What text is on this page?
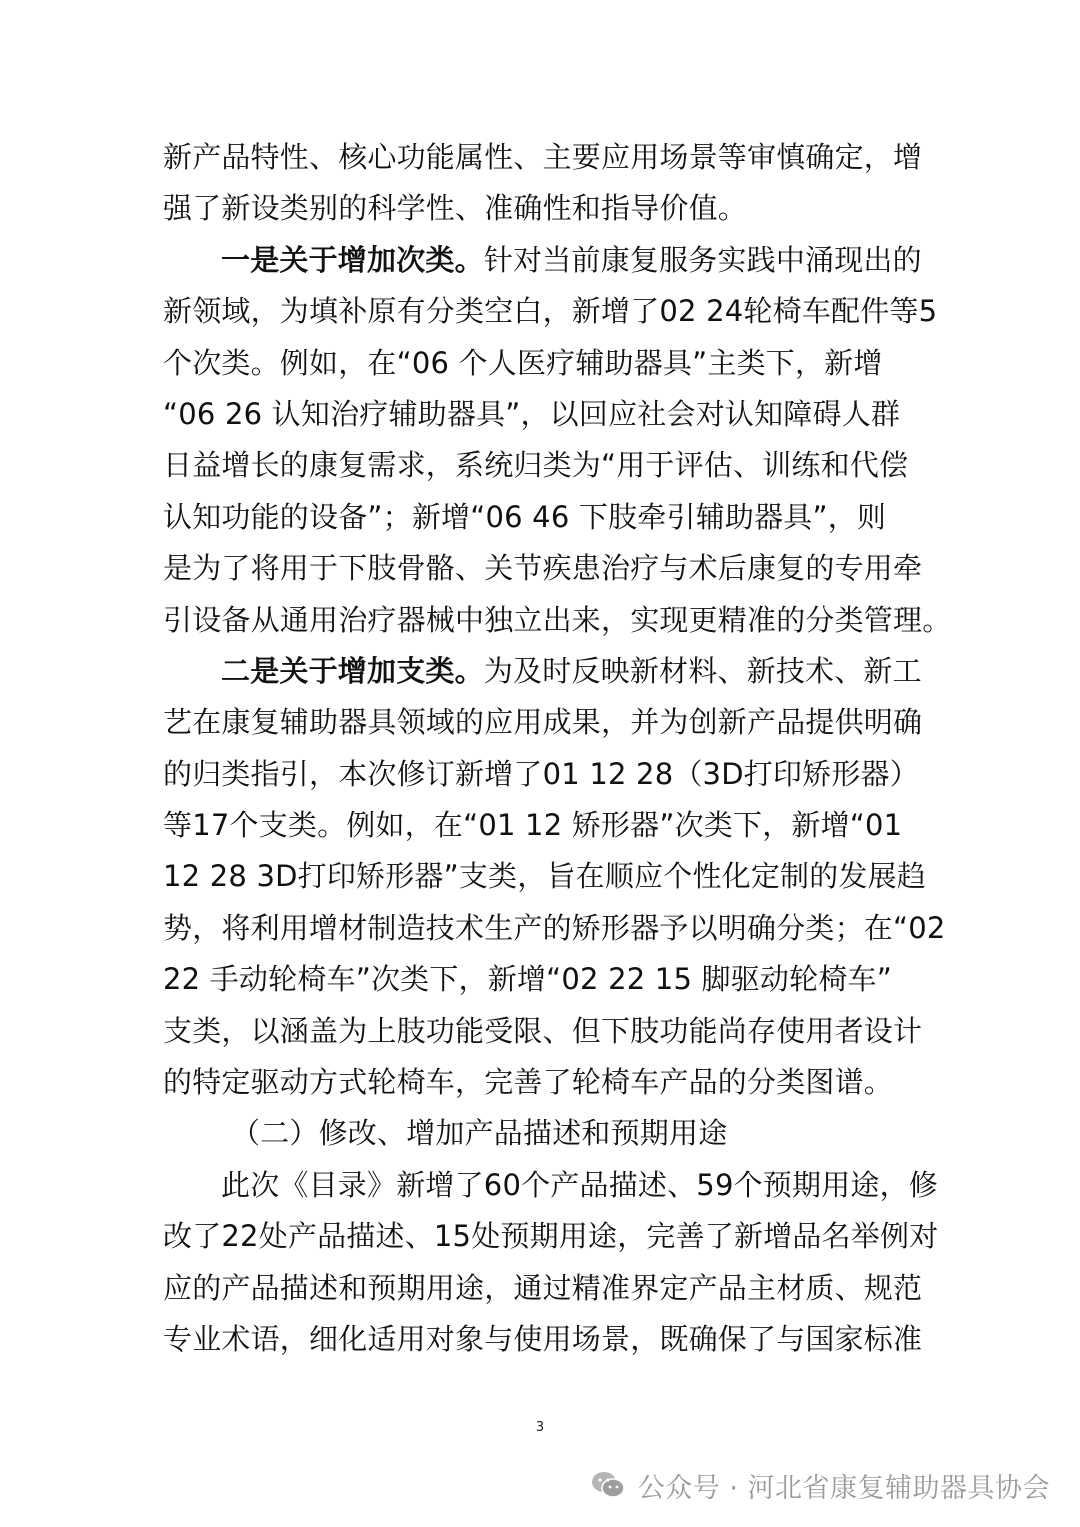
新产品特性、核心功能属性、主要应用场景等审慎确定，增
强了新设类别的科学性、准确性和指导价值。
一是关于增加次类。针对当前康复服务实践中涌现出的
新领域，为填补原有分类空白，新增了02 24轮椅车配件等5
个次类。例如，在“06 个人医疗辅助器具”主类下，新增
“06 26 认知治疗辅助器具”，以回应社会对认知障碍人群
日益增长的康复需求，系统归类为“用于评估、训练和代偿
认知功能的设备”；新增“06 46 下肢牵引辅助器具”，则
是为了将用于下肢骨骼、关节疾患治疗与术后康复的专用牵
引设备从通用治疗器械中独立出来，实现更精准的分类管理。
二是关于增加支类。为及时反映新材料、新技术、新工
艺在康复辅助器具领域的应用成果，并为创新产品提供明确
的归类指引，本次修订新增了01 12 28（3D打印矫形器）
等17个支类。例如，在“01 12 矫形器”次类下，新增“01
12 28 3D打印矫形器”支类，旨在顺应个性化定制的发展趋
势，将利用增材制造技术生产的矫形器予以明确分类；在“02
22 手动轮椅车”次类下，新增“02 22 15 脚驱动轮椅车”
支类，以涵盖为上肢功能受限、但下肢功能尚存使用者设计
的特定驱动方式轮椅车，完善了轮椅车产品的分类图谱。
（二）修改、增加产品描述和预期用途
此次《目录》新增了60个产品描述、59个预期用途，修
改了22处产品描述、15处预期用途，完善了新增品名举例对
应的产品描述和预期用途，通过精准界定产品主材质、规范
专业术语，细化适用对象与使用场景，既确保了与国家标准
3
公众号 · 河北省康复辅助器具协会
